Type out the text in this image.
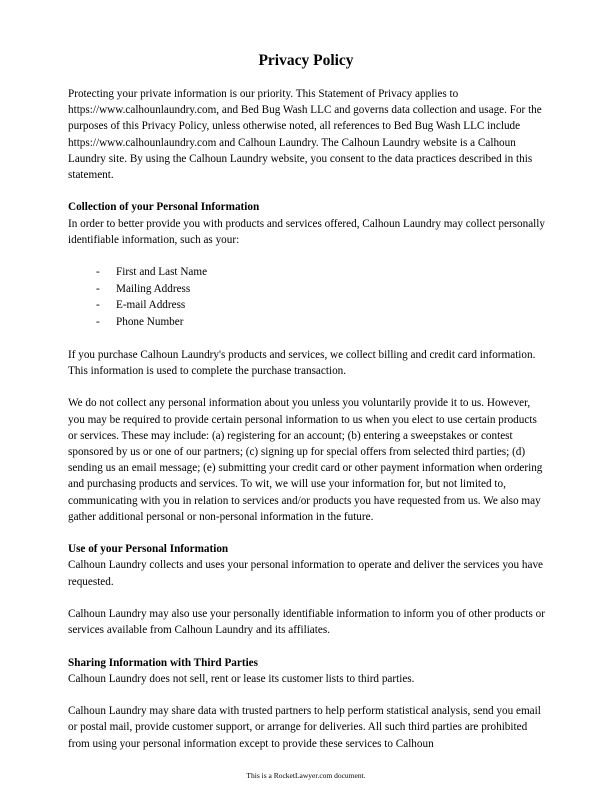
Privacy Policy

Protecting your private information is our priority. This Statement of Privacy applies to https://www.calhounlaundry.com, and Bed Bug Wash LLC and governs data collection and usage. For the purposes of this Privacy Policy, unless otherwise noted, all references to Bed Bug Wash LLC include https://www.calhounlaundry.com and Calhoun Laundry. The Calhoun Laundry website is a Calhoun Laundry site. By using the Calhoun Laundry website, you consent to the data practices described in this statement.

Collection of your Personal Information

In order to better provide you with products and services offered, Calhoun Laundry may collect personally identifiable information, such as your:

- First and Last Name
- Mailing Address
- E-mail Address
- Phone Number

If you purchase Calhoun Laundry's products and services, we collect billing and credit card information. This information is used to complete the purchase transaction.

We do not collect any personal information about you unless you voluntarily provide it to us. However, you may be required to provide certain personal information to us when you elect to use certain products or services. These may include: (a) registering for an account; (b) entering a sweepstakes or contest sponsored by us or one of our partners; (c) signing up for special offers from selected third parties; (d) sending us an email message; (e) submitting your credit card or other payment information when ordering and purchasing products and services. To wit, we will use your information for, but not limited to, communicating with you in relation to services and/or products you have requested from us. We also may gather additional personal or non-personal information in the future.

Use of your Personal Information

Calhoun Laundry collects and uses your personal information to operate and deliver the services you have requested.

Calhoun Laundry may also use your personally identifiable information to inform you of other products or services available from Calhoun Laundry and its affiliates.

Sharing Information with Third Parties

Calhoun Laundry does not sell, rent or lease its customer lists to third parties.

Calhoun Laundry may share data with trusted partners to help perform statistical analysis, send you email or postal mail, provide customer support, or arrange for deliveries. All such third parties are prohibited from using your personal information except to provide these services to Calhoun

This is a RocketLawyer.com document.
